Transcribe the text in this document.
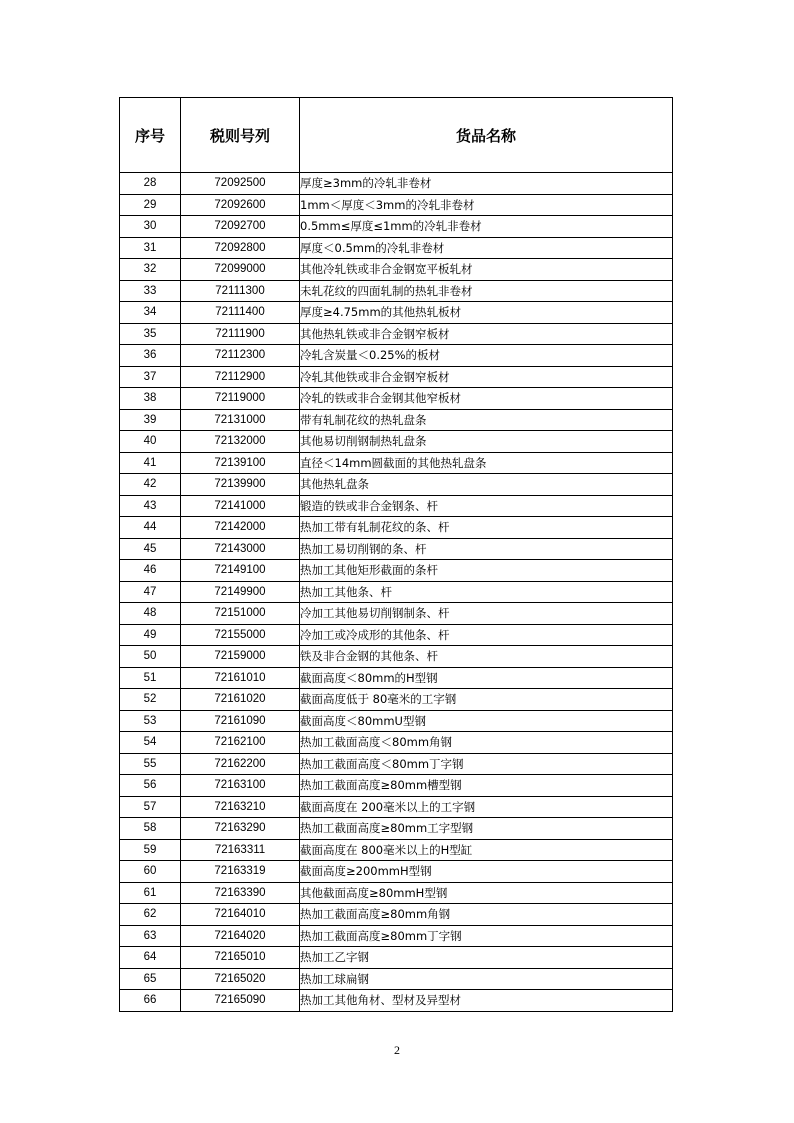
序号	税则号列	货品名称
28	72092500	厚度≥3mm的冷轧非卷材
29	72092600	1mm＜厚度＜3mm的冷轧非卷材
30	72092700	0.5mm≤厚度≤1mm的冷轧非卷材
31	72092800	厚度＜0.5mm的冷轧非卷材
32	72099000	其他冷轧铁或非合金钢宽平板轧材
33	72111300	未轧花纹的四面轧制的热轧非卷材
34	72111400	厚度≥4.75mm的其他热轧板材
35	72111900	其他热轧铁或非合金钢窄板材
36	72112300	冷轧含炭量＜0.25%的板材
37	72112900	冷轧其他铁或非合金钢窄板材
38	72119000	冷轧的铁或非合金钢其他窄板材
39	72131000	带有轧制花纹的热轧盘条
40	72132000	其他易切削钢制热轧盘条
41	72139100	直径＜14mm圆截面的其他热轧盘条
42	72139900	其他热轧盘条
43	72141000	锻造的铁或非合金钢条、杆
44	72142000	热加工带有轧制花纹的条、杆
45	72143000	热加工易切削钢的条、杆
46	72149100	热加工其他矩形截面的条杆
47	72149900	热加工其他条、杆
48	72151000	冷加工其他易切削钢制条、杆
49	72155000	冷加工或冷成形的其他条、杆
50	72159000	铁及非合金钢的其他条、杆
51	72161010	截面高度＜80mm的H型钢
52	72161020	截面高度低于 80毫米的工字钢
53	72161090	截面高度＜80mmU型钢
54	72162100	热加工截面高度＜80mm角钢
55	72162200	热加工截面高度＜80mm丁字钢
56	72163100	热加工截面高度≥80mm槽型钢
57	72163210	截面高度在 200毫米以上的工字钢
58	72163290	热加工截面高度≥80mm工字型钢
59	72163311	截面高度在 800毫米以上的H型缸
60	72163319	截面高度≥200mmH型钢
61	72163390	其他截面高度≥80mmH型钢
62	72164010	热加工截面高度≥80mm角钢
63	72164020	热加工截面高度≥80mm丁字钢
64	72165010	热加工乙字钢
65	72165020	热加工球扁钢
66	72165090	热加工其他角材、型材及异型材
2
